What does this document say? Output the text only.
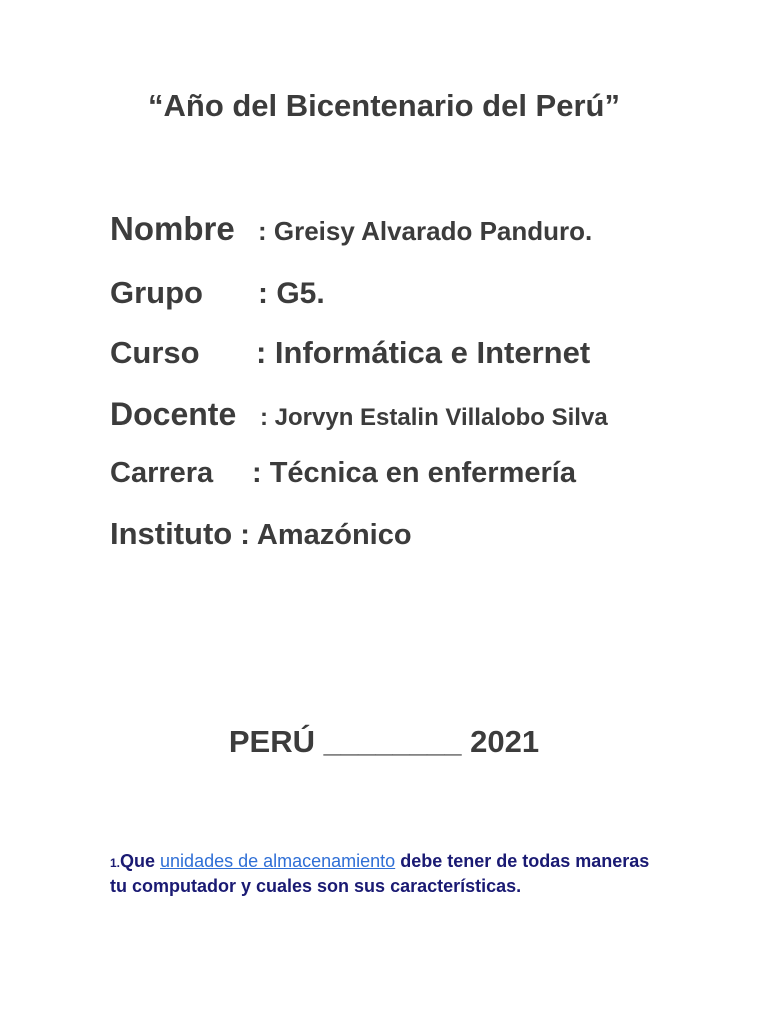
“Año del Bicentenario del Perú”
Nombre : Greisy Alvarado Panduro.
Grupo : G5.
Curso : Informática e Internet
Docente : Jorvyn Estalin Villalobo Silva
Carrera : Técnica en enfermería
Instituto : Amazónico
PERÚ ________ 2021
1.Que unidades de almacenamiento debe tener de todas maneras tu computador y cuales son sus características.
